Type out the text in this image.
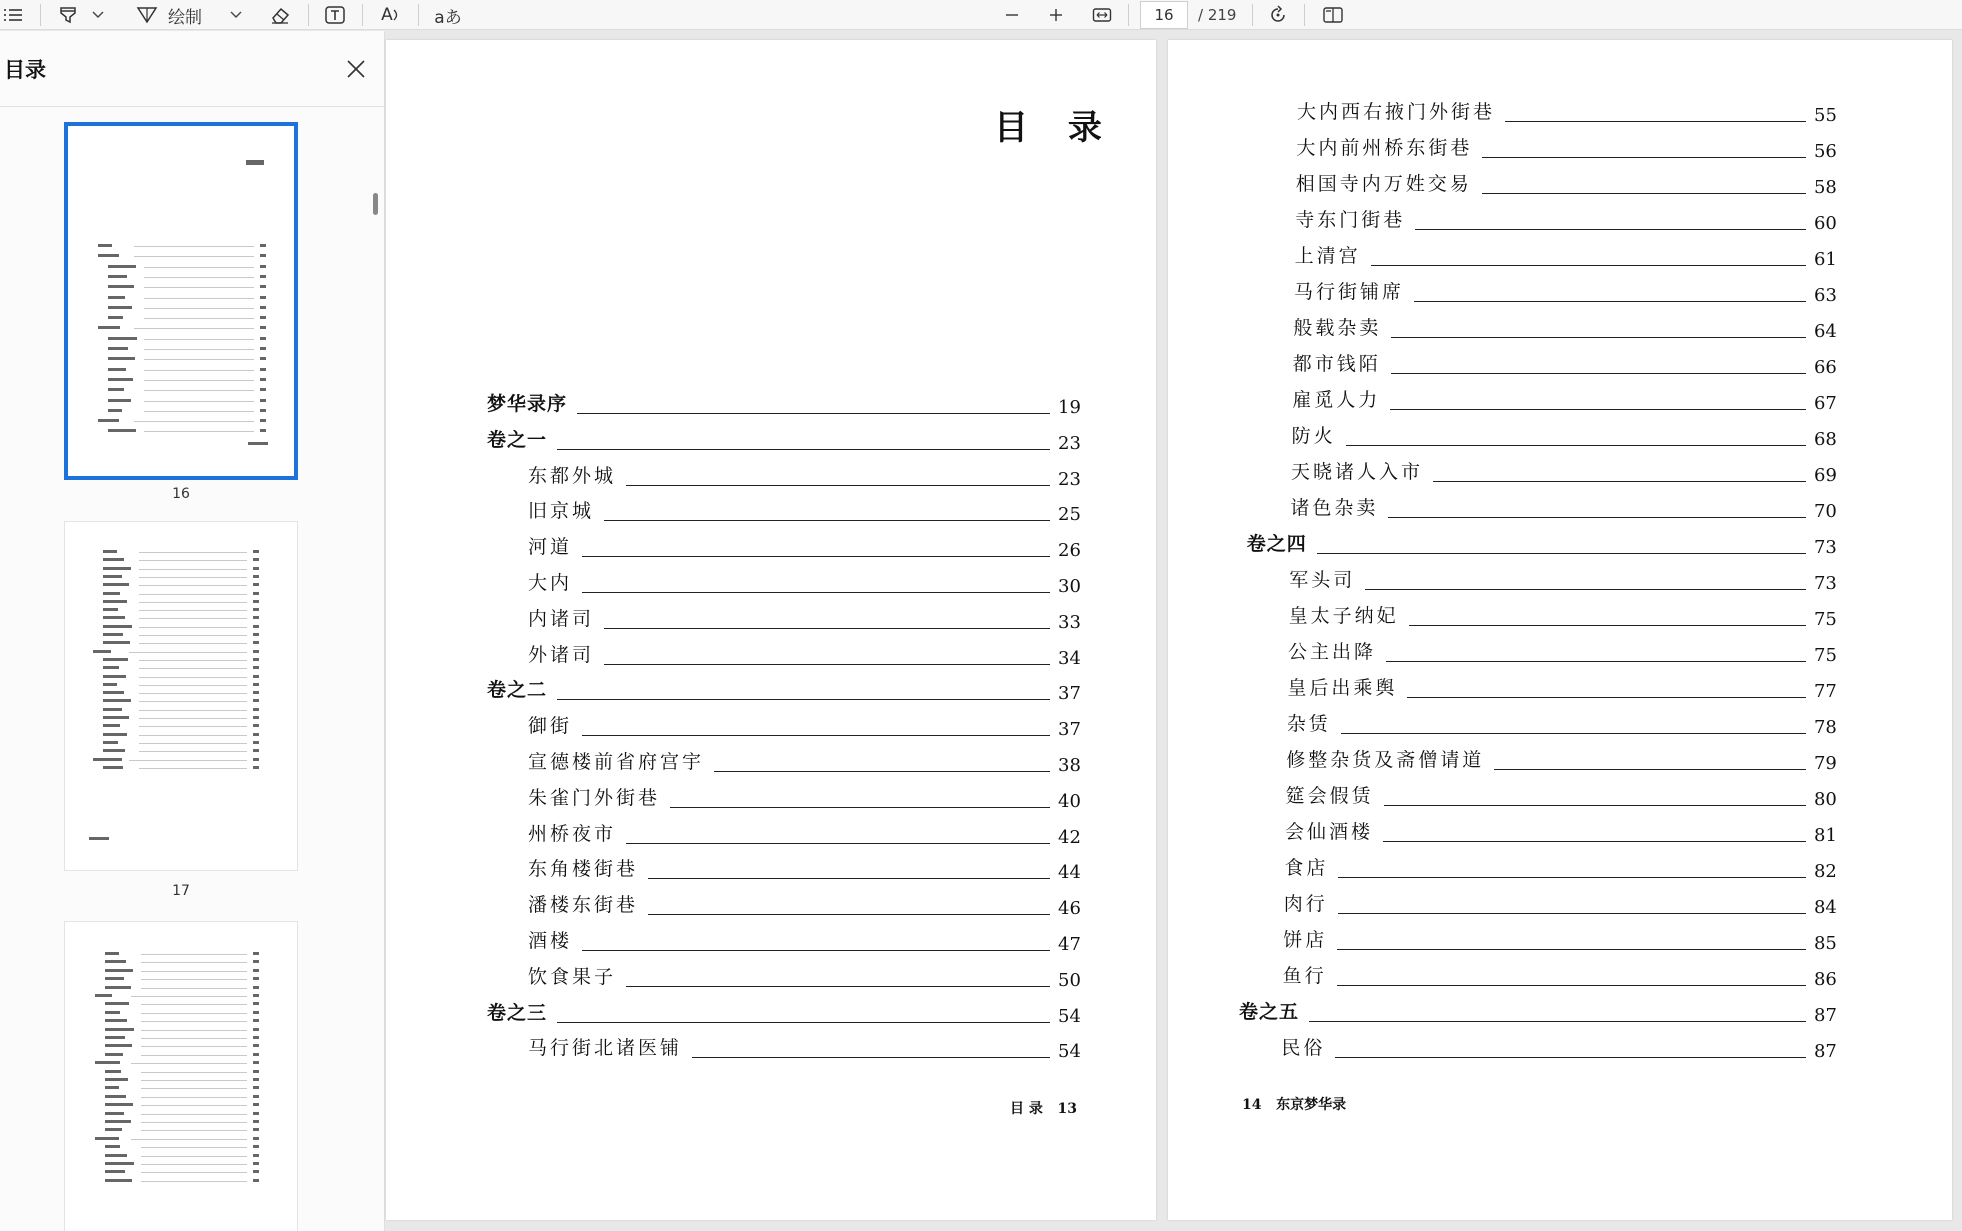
绘制	A aあ
16	/ 219
目录
16
17
目 录
目 录   13
梦华录序	19
卷之一	23
东都外城	23
旧京城	25
河道	26
大内	30
内诸司	33
外诸司	34
卷之二	37
御街	37
宣德楼前省府宫宇	38
朱雀门外街巷	40
州桥夜市	42
东角楼街巷	44
潘楼东街巷	46
酒楼	47
饮食果子	50
卷之三	54
马行街北诸医铺	54
14   东京梦华录
大内西右掖门外街巷	55
大内前州桥东街巷	56
相国寺内万姓交易	58
寺东门街巷	60
上清宫	61
马行街铺席	63
般载杂卖	64
都市钱陌	66
雇觅人力	67
防火	68
天晓诸人入市	69
诸色杂卖	70
卷之四	73
军头司	73
皇太子纳妃	75
公主出降	75
皇后出乘舆	77
杂赁	78
修整杂货及斋僧请道	79
筵会假赁	80
会仙酒楼	81
食店	82
肉行	84
饼店	85
鱼行	86
卷之五	87
民俗	87
